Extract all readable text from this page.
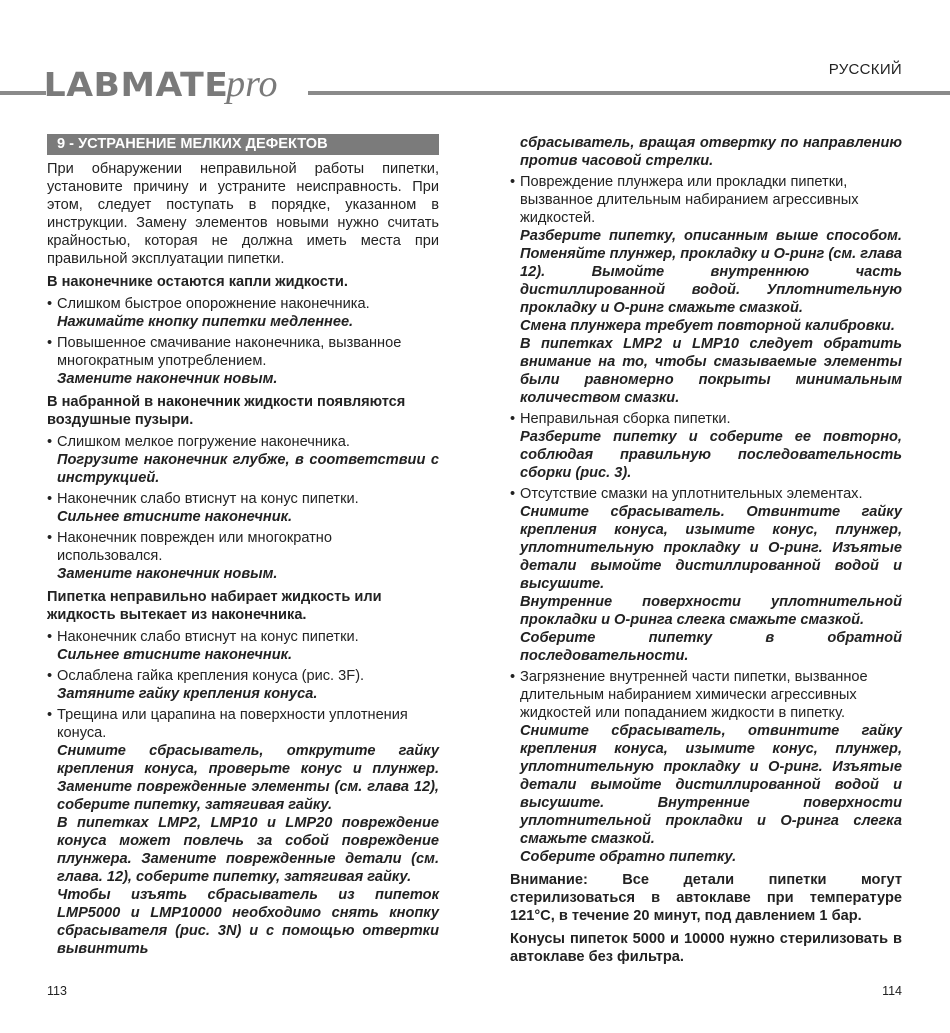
LABMATEpro	РУССКИЙ
9 - УСТРАНЕНИЕ МЕЛКИХ ДЕФЕКТОВ

При обнаружении неправильной работы пипетки, установите причину и устраните неисправность. При этом, следует поступать в порядке, указанном в инструкции. Замену элементов новыми нужно считать крайностью, которая не должна иметь места при правильной эксплуатации пипетки.

В наконечнике остаются капли жидкости.
• Слишком быстрое опорожнение наконечника.
Нажимайте кнопку пипетки медленнее.
• Повышенное смачивание наконечника, вызванное многократным употреблением.
Замените наконечник новым.
В набранной в наконечник жидкости появляются воздушные пузыри.
• Слишком мелкое погружение наконечника.
Погрузите наконечник глубже, в соответствии с инструкцией.
• Наконечник слабо втиснут на конус пипетки.
Сильнее втисните наконечник.
• Наконечник поврежден или многократно использовался.
Замените наконечник новым.
Пипетка неправильно набирает жидкость или жидкость вытекает из наконечника.
• Наконечник слабо втиснут на конус пипетки.
Сильнее втисните наконечник.
• Ослаблена гайка крепления конуса (рис. 3F).
Затяните гайку крепления конуса.
• Трещина или царапина на поверхности уплотнения конуса.
Снимите сбрасыватель, открутите гайку крепления конуса, проверьте конус и плунжер. Замените поврежденные элементы (см. глава 12), соберите пипетку, затягивая гайку.
В пипетках LMP2, LMP10 и LMP20 повреждение конуса может повлечь за собой повреждение плунжера. Замените поврежденные детали (см. глава. 12), соберите пипетку, затягивая гайку.
Чтобы изъять сбрасыватель из пипеток LMP5000 и LMP10000 необходимо снять кнопку сбрасывателя (рис. 3N) и с помощью отвертки вывинтить
сбрасыватель, вращая отвертку по направлению против часовой стрелки.
• Повреждение плунжера или прокладки пипетки, вызванное длительным набиранием агрессивных жидкостей.
Разберите пипетку, описанным выше способом. Поменяйте плунжер, прокладку и О-ринг (см. глава 12). Вымойте внутреннюю часть дистиллированной водой. Уплотнительную прокладку и О-ринг смажьте смазкой.
Смена плунжера требует повторной калибровки.
В пипетках LMP2 и LMP10 следует обратить внимание на то, чтобы смазываемые элементы были равномерно покрыты минимальным количеством смазки.
• Неправильная сборка пипетки.
Разберите пипетку и соберите ее повторно, соблюдая правильную последовательность сборки (рис. 3).
• Отсутствие смазки на уплотнительных элементах.
Снимите сбрасыватель. Отвинтите гайку крепления конуса, изымите конус, плунжер, уплотнительную прокладку и О-ринг. Изъятые детали вымойте дистиллированной водой и высушите.
Внутренние поверхности уплотнительной прокладки и О-ринга слегка смажьте смазкой.
Соберите пипетку в обратной последовательности.
• Загрязнение внутренней части пипетки, вызванное длительным набиранием химически агрессивных жидкостей или попаданием жидкости в пипетку.
Снимите сбрасыватель, отвинтите гайку крепления конуса, изымите конус, плунжер, уплотнительную прокладку и О-ринг. Изъятые детали вымойте дистиллированной водой и высушите. Внутренние поверхности уплотнительной прокладки и О-ринга слегка смажьте смазкой.
Соберите обратно пипетку.

Внимание: Все детали пипетки могут стерилизоваться в автоклаве при температуре 121°C, в течение 20 минут, под давлением 1 бар.

Конусы пипеток 5000 и 10000 нужно стерилизовать в автоклаве без фильтра.

113	114
